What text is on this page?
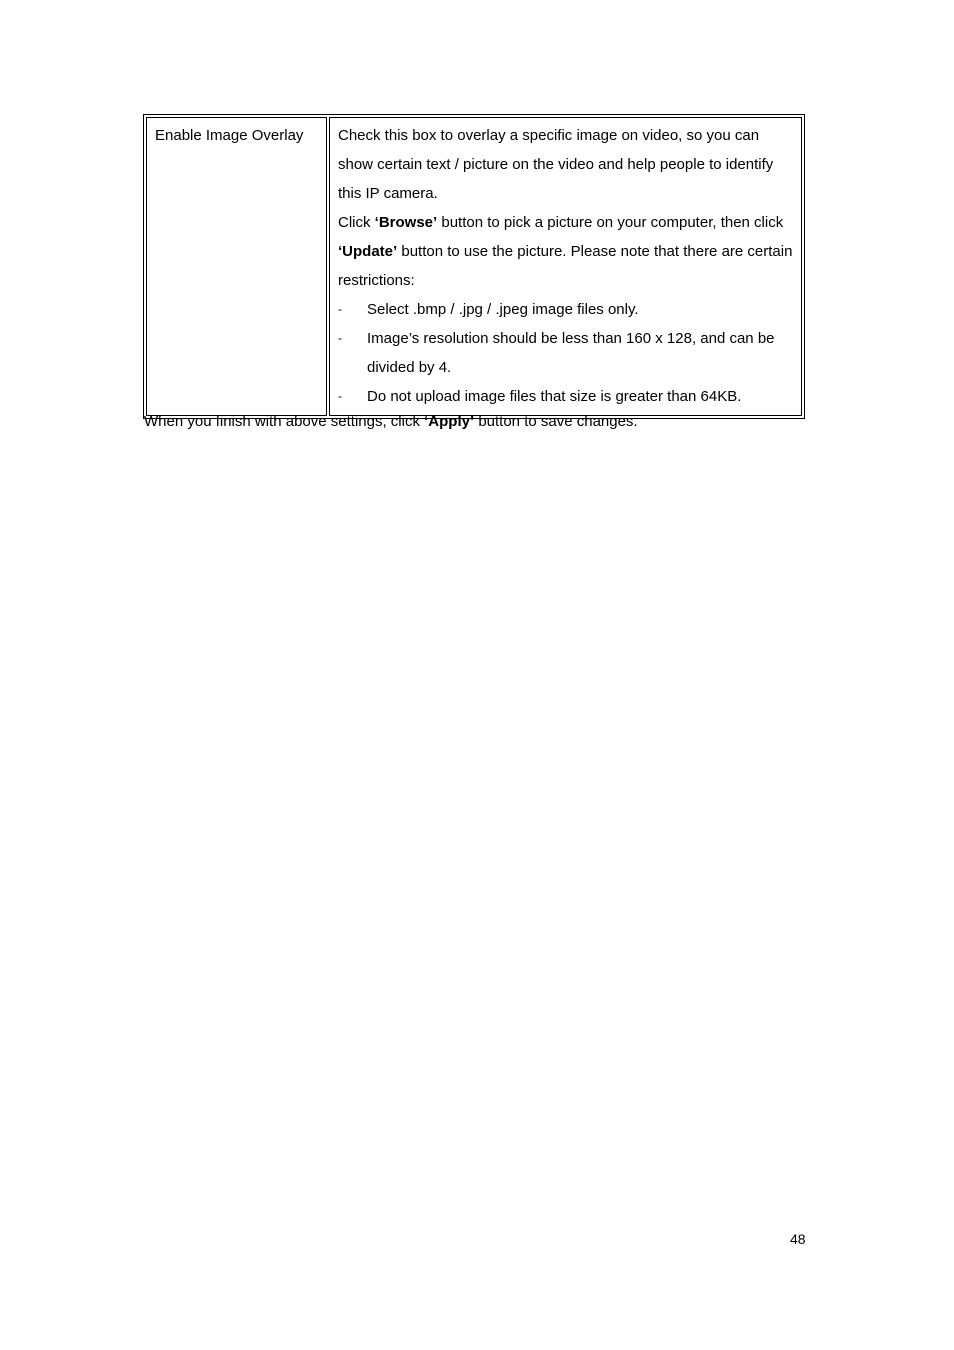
Enable Image Overlay	Check this box to overlay a specific image on video, so you can show certain text / picture on the video and help people to identify this IP camera.

Click ‘Browse’ button to pick a picture on your computer, then click ‘Update’ button to use the picture. Please note that there are certain restrictions:

- Select .bmp / .jpg / .jpeg image files only.
- Image’s resolution should be less than 160 x 128, and can be divided by 4.
- Do not upload image files that size is greater than 64KB.

When you finish with above settings, click ‘Apply’ button to save changes.

48
